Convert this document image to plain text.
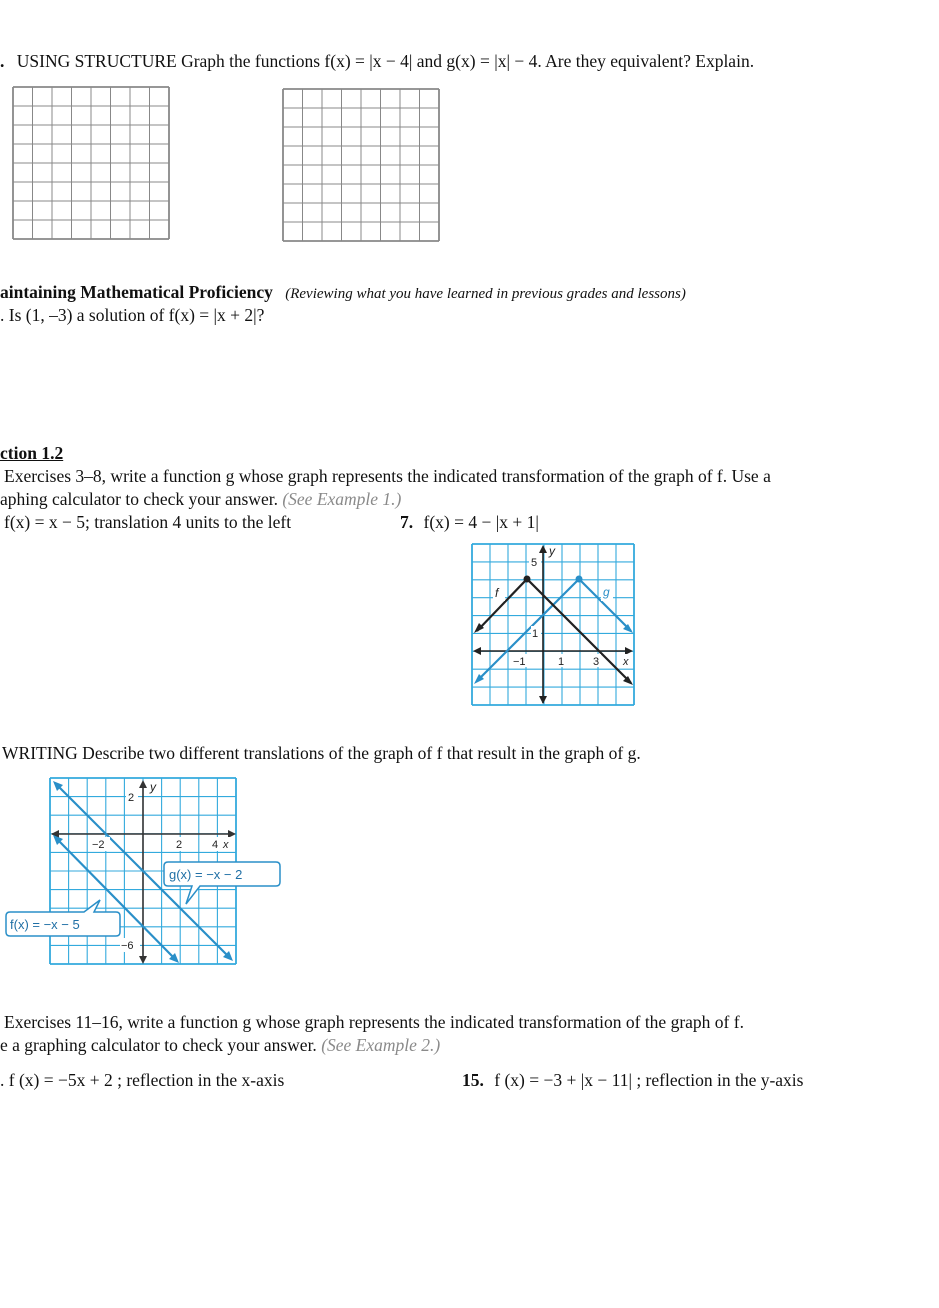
. USING STRUCTURE Graph the functions f(x) = |x − 4| and g(x) = |x| − 4. Are they equivalent? Explain.
aintaining Mathematical Proficiency (Reviewing what you have learned in previous grades and lessons)
. Is (1, –3) a solution of f(x) = |x + 2|?
ction 1.2
Exercises 3–8, write a function g whose graph represents the indicated transformation of the graph of f. Use a
aphing calculator to check your answer. (See Example 1.)
f(x) = x − 5; translation 4 units to the left	7. f(x) = 4 − |x + 1|
5
y
f	g
1
−1	1	3 x
WRITING Describe two different translations of the graph of f that result in the graph of g.
2
y
−2	2	4 x
−6
g(x) = −x − 2
f(x) = −x − 5
Exercises 11–16, write a function g whose graph represents the indicated transformation of the graph of f.
e a graphing calculator to check your answer. (See Example 2.)
. f (x) = −5x + 2 ; reflection in the x-axis	15. f (x) = −3 + |x − 11| ; reflection in the y-axis
